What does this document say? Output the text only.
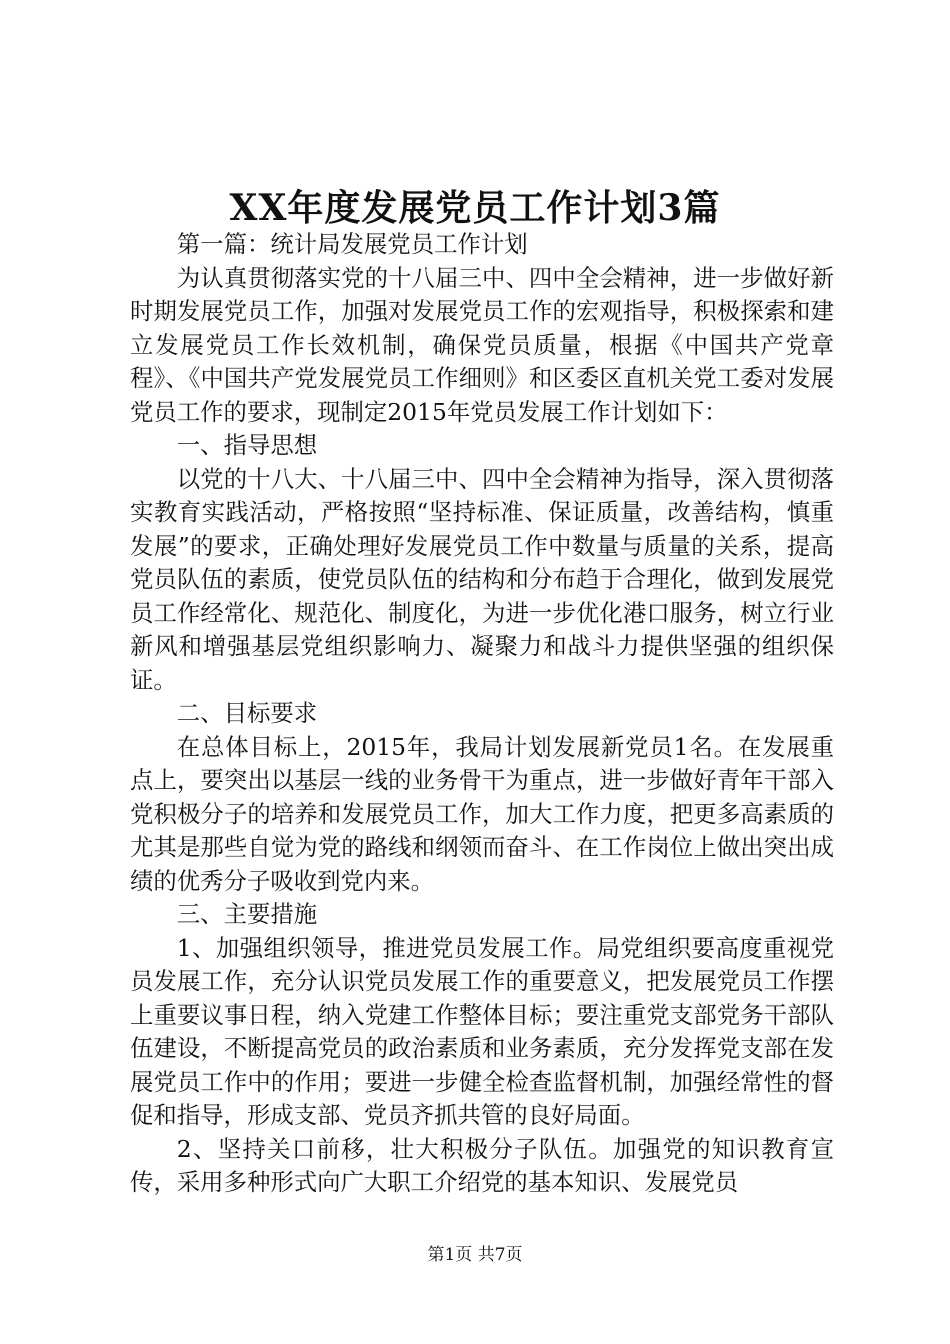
XX年度发展党员工作计划3篇

第一篇：统计局发展党员工作计划

为认真贯彻落实党的十八届三中、四中全会精神，进一步做好新时期发展党员工作，加强对发展党员工作的宏观指导，积极探索和建立发展党员工作长效机制，确保党员质量，根据《中国共产党章程》、《中国共产党发展党员工作细则》和区委区直机关党工委对发展党员工作的要求，现制定2015年党员发展工作计划如下：

一、指导思想

以党的十八大、十八届三中、四中全会精神为指导，深入贯彻落实教育实践活动，严格按照“坚持标准、保证质量，改善结构，慎重发展”的要求，正确处理好发展党员工作中数量与质量的关系，提高党员队伍的素质，使党员队伍的结构和分布趋于合理化，做到发展党员工作经常化、规范化、制度化，为进一步优化港口服务，树立行业新风和增强基层党组织影响力、凝聚力和战斗力提供坚强的组织保证。

二、目标要求

在总体目标上，2015年，我局计划发展新党员1名。在发展重点上，要突出以基层一线的业务骨干为重点，进一步做好青年干部入党积极分子的培养和发展党员工作，加大工作力度，把更多高素质的尤其是那些自觉为党的路线和纲领而奋斗、在工作岗位上做出突出成绩的优秀分子吸收到党内来。

三、主要措施

1、加强组织领导，推进党员发展工作。局党组织要高度重视党员发展工作，充分认识党员发展工作的重要意义，把发展党员工作摆上重要议事日程，纳入党建工作整体目标；要注重党支部党务干部队伍建设，不断提高党员的政治素质和业务素质，充分发挥党支部在发展党员工作中的作用；要进一步健全检查监督机制，加强经常性的督促和指导，形成支部、党员齐抓共管的良好局面。

2、坚持关口前移，壮大积极分子队伍。加强党的知识教育宣传，采用多种形式向广大职工介绍党的基本知识、发展党员

第1页 共7页
